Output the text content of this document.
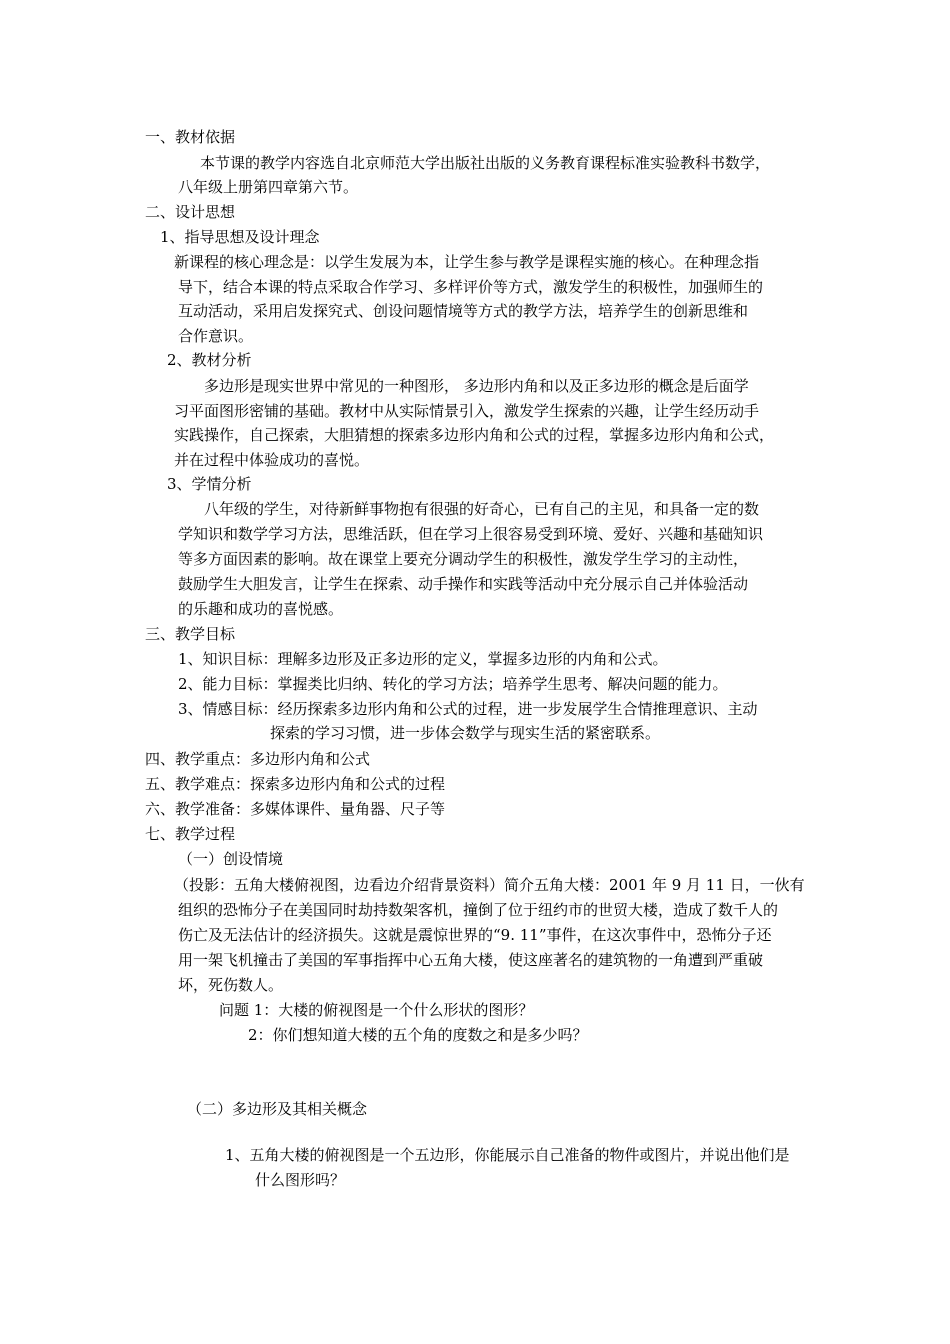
一、教材依据
本节课的教学内容选自北京师范大学出版社出版的义务教育课程标准实验教科书数学，
八年级上册第四章第六节。
二、设计思想
1、指导思想及设计理念
新课程的核心理念是：以学生发展为本，让学生参与教学是课程实施的核心。在种理念指
导下，结合本课的特点采取合作学习、多样评价等方式，激发学生的积极性，加强师生的
互动活动，采用启发探究式、创设问题情境等方式的教学方法，培养学生的创新思维和
合作意识。
2、教材分析
多边形是现实世界中常见的一种图形， 多边形内角和以及正多边形的概念是后面学
习平面图形密铺的基础。教材中从实际情景引入，激发学生探索的兴趣，让学生经历动手
实践操作，自己探索，大胆猜想的探索多边形内角和公式的过程，掌握多边形内角和公式，
并在过程中体验成功的喜悦。
3、学情分析
八年级的学生，对待新鲜事物抱有很强的好奇心，已有自己的主见，和具备一定的数
学知识和数学学习方法，思维活跃，但在学习上很容易受到环境、爱好、兴趣和基础知识
等多方面因素的影响。故在课堂上要充分调动学生的积极性，激发学生学习的主动性，
鼓励学生大胆发言，让学生在探索、动手操作和实践等活动中充分展示自己并体验活动
的乐趣和成功的喜悦感。
三、教学目标
1、知识目标：理解多边形及正多边形的定义，掌握多边形的内角和公式。
2、能力目标：掌握类比归纳、转化的学习方法；培养学生思考、解决问题的能力。
3、情感目标：经历探索多边形内角和公式的过程，进一步发展学生合情推理意识、主动
探索的学习习惯，进一步体会数学与现实生活的紧密联系。
四、教学重点：多边形内角和公式
五、教学难点：探索多边形内角和公式的过程
六、教学准备：多媒体课件、量角器、尺子等
七、教学过程
（一）创设情境
（投影：五角大楼俯视图，边看边介绍背景资料）简介五角大楼：2001 年 9 月 11 日，一伙有
组织的恐怖分子在美国同时劫持数架客机，撞倒了位于纽约市的世贸大楼，造成了数千人的
伤亡及无法估计的经济损失。这就是震惊世界的“9. 11”事件，在这次事件中，恐怖分子还
用一架飞机撞击了美国的军事指挥中心五角大楼，使这座著名的建筑物的一角遭到严重破
坏，死伤数人。
问题 1：大楼的俯视图是一个什么形状的图形？
2：你们想知道大楼的五个角的度数之和是多少吗？
（二）多边形及其相关概念
1、五角大楼的俯视图是一个五边形，你能展示自己准备的物件或图片，并说出他们是
什么图形吗？
